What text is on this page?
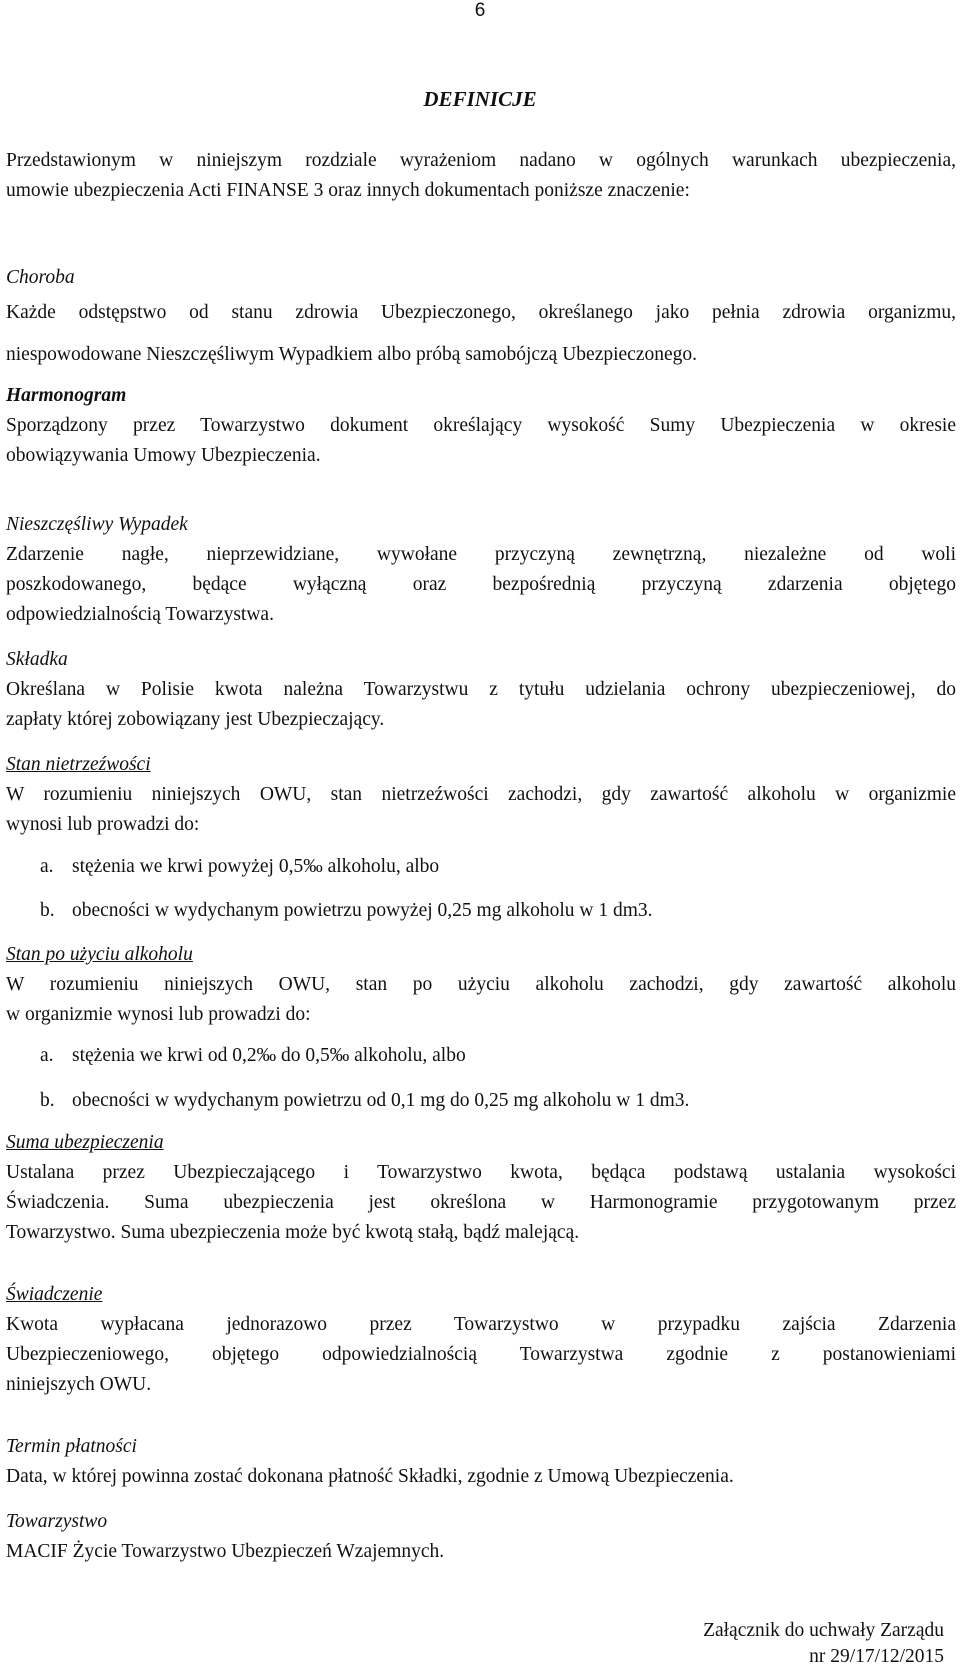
6
DEFINICJE
Przedstawionym w niniejszym rozdziale wyrażeniom nadano w ogólnych warunkach ubezpieczenia,
umowie ubezpieczenia Acti FINANSE 3 oraz innych dokumentach poniższe znaczenie:
Choroba
Każde odstępstwo od stanu zdrowia Ubezpieczonego, określanego jako pełnia zdrowia organizmu,
niespowodowane Nieszczęśliwym Wypadkiem albo próbą samobójczą Ubezpieczonego.
Harmonogram
Sporządzony przez Towarzystwo dokument określający wysokość Sumy Ubezpieczenia w okresie
obowiązywania Umowy Ubezpieczenia.
Nieszczęśliwy Wypadek
Zdarzenie nagłe, nieprzewidziane, wywołane przyczyną zewnętrzną, niezależne od woli
poszkodowanego, będące wyłączną oraz bezpośrednią przyczyną zdarzenia objętego
odpowiedzialnością Towarzystwa.
Składka
Określana w Polisie kwota należna Towarzystwu z tytułu udzielania ochrony ubezpieczeniowej, do
zapłaty której zobowiązany jest Ubezpieczający.
Stan nietrzeźwości
W rozumieniu niniejszych OWU, stan nietrzeźwości zachodzi, gdy zawartość alkoholu w organizmie
wynosi lub prowadzi do:
a. stężenia we krwi powyżej 0,5‰ alkoholu, albo
b. obecności w wydychanym powietrzu powyżej 0,25 mg alkoholu w 1 dm3.
Stan po użyciu alkoholu
W rozumieniu niniejszych OWU, stan po użyciu alkoholu zachodzi, gdy zawartość alkoholu
w organizmie wynosi lub prowadzi do:
a. stężenia we krwi od 0,2‰ do 0,5‰ alkoholu, albo
b. obecności w wydychanym powietrzu od 0,1 mg do 0,25 mg alkoholu w 1 dm3.
Suma ubezpieczenia
Ustalana przez Ubezpieczającego i Towarzystwo kwota, będąca podstawą ustalania wysokości
Świadczenia. Suma ubezpieczenia jest określona w Harmonogramie przygotowanym przez
Towarzystwo. Suma ubezpieczenia może być kwotą stałą, bądź malejącą.
Świadczenie
Kwota wypłacana jednorazowo przez Towarzystwo w przypadku zajścia Zdarzenia
Ubezpieczeniowego, objętego odpowiedzialnością Towarzystwa zgodnie z postanowieniami
niniejszych OWU.
Termin płatności
Data, w której powinna zostać dokonana płatność Składki, zgodnie z Umową Ubezpieczenia.
Towarzystwo
MACIF Życie Towarzystwo Ubezpieczeń Wzajemnych.
Załącznik do uchwały Zarządu
nr 29/17/12/2015
